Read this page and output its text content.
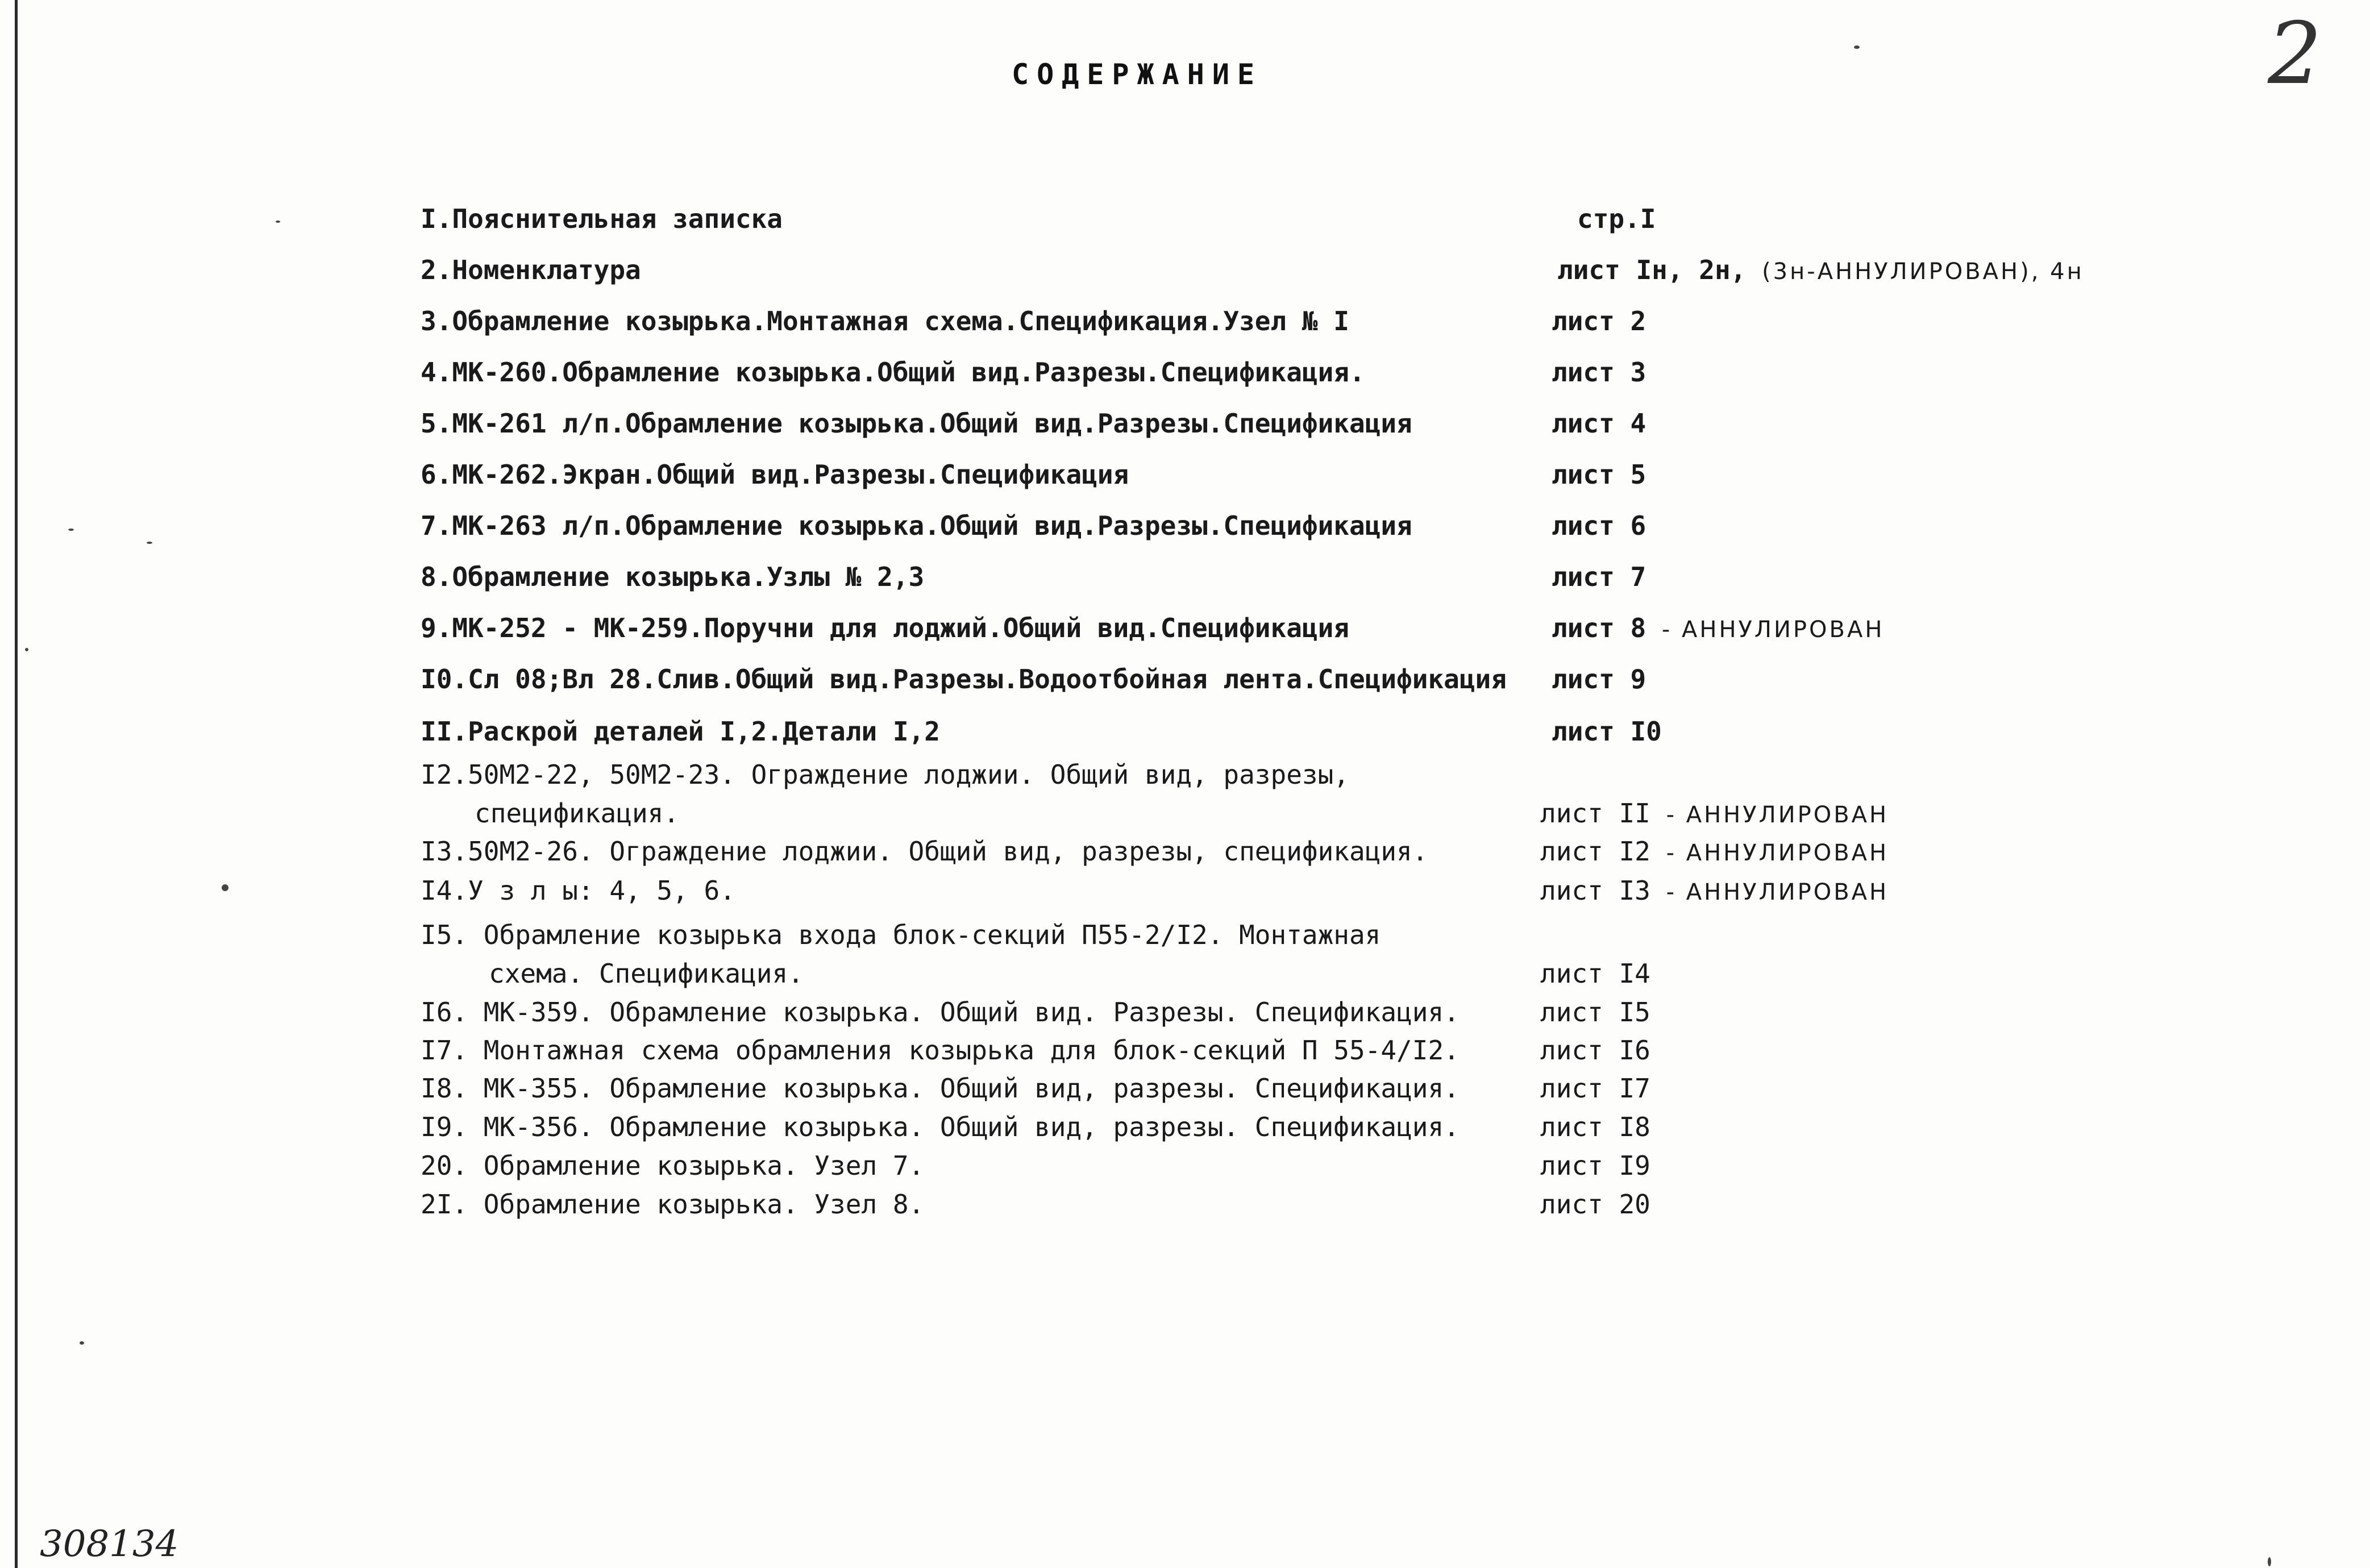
2
СОДЕРЖАНИЕ
I.Пояснительная записка	стр.I
2.Номенклатура	лист Iн, 2н, (3н-АННУЛИРОВАН), 4н
3.Обрамление козырька.Монтажная схема.Спецификация.Узел № I	лист 2
4.МК-260.Обрамление козырька.Общий вид.Разрезы.Спецификация.	лист 3
5.МК-261 л/п.Обрамление козырька.Общий вид.Разрезы.Спецификация	лист 4
6.МК-262.Экран.Общий вид.Разрезы.Спецификация	лист 5
7.МК-263 л/п.Обрамление козырька.Общий вид.Разрезы.Спецификация	лист 6
8.Обрамление козырька.Узлы № 2,3	лист 7
9.МК-252 - МК-259.Поручни для лоджий.Общий вид.Спецификация	лист 8 - АННУЛИРОВАН
I0.Сл 08;Вл 28.Слив.Общий вид.Разрезы.Водоотбойная лента.Спецификация лист 9
II.Раскрой деталей I,2.Детали I,2	лист I0
I2.50М2-22, 50М2-23. Ограждение лоджии. Общий вид, разрезы,
спецификация.	лист II - АННУЛИРОВАН
I3.50М2-26. Ограждение лоджии. Общий вид, разрезы, спецификация.	лист I2 - АННУЛИРОВАН
I4.У з л ы: 4, 5, 6.	лист I3 - АННУЛИРОВАН
I5. Обрамление козырька входа блок-секций П55-2/I2. Монтажная
схема. Спецификация.	лист I4
I6. МК-359. Обрамление козырька. Общий вид. Разрезы. Спецификация.	лист I5
I7. Монтажная схема обрамления козырька для блок-секций П 55-4/I2.	лист I6
I8. МК-355. Обрамление козырька. Общий вид, разрезы. Спецификация.	лист I7
I9. МК-356. Обрамление козырька. Общий вид, разрезы. Спецификация.	лист I8
20. Обрамление козырька. Узел 7.	лист I9
2I. Обрамление козырька. Узел 8.	лист 20
308134
